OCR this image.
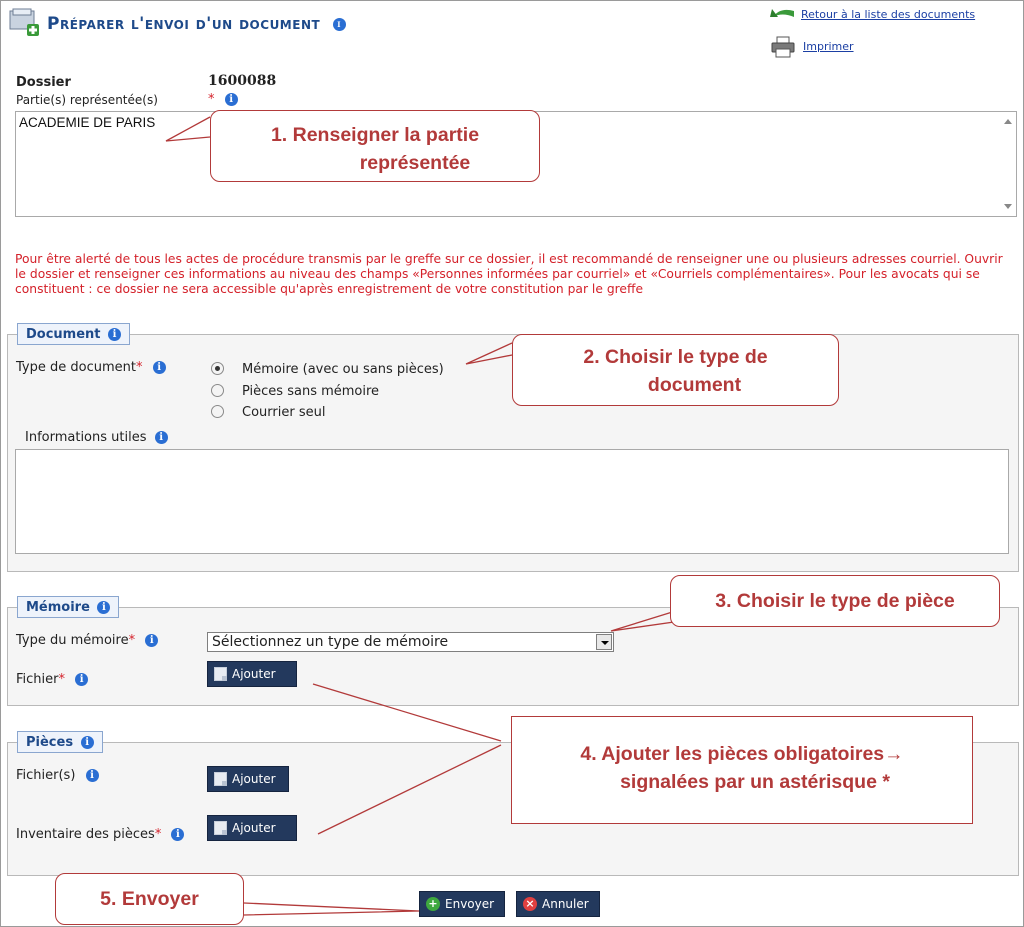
Préparer l'envoi d'un document i
Retour à la liste des documents
Imprimer
Dossier	1600088
Partie(s) représentée(s)	* i
ACADEMIE DE PARIS
Pour être alerté de tous les actes de procédure transmis par le greffe sur ce dossier, il est recommandé de renseigner une ou plusieurs adresses courriel. Ouvrir le dossier et renseigner ces informations au niveau des champs «Personnes informées par courriel» et «Courriels complémentaires». Pour les avocats qui se constituent : ce dossier ne sera accessible qu'après enregistrement de votre constitution par le greffe
Document i
Type de document* i	Mémoire (avec ou sans pièces)
Pièces sans mémoire
Courrier seul
Informations utiles i
Mémoire i
Type du mémoire* i	Sélectionnez un type de mémoire
Fichier* i	Ajouter
Pièces i
Fichier(s) i	Ajouter
Inventaire des pièces* i	Ajouter
+ Envoyer	× Annuler
1. Renseigner la partie
représentée
2. Choisir le type de
document
3. Choisir le type de pièce
4. Ajouter les pièces obligatoires→
signalées par un astérisque *
5. Envoyer
